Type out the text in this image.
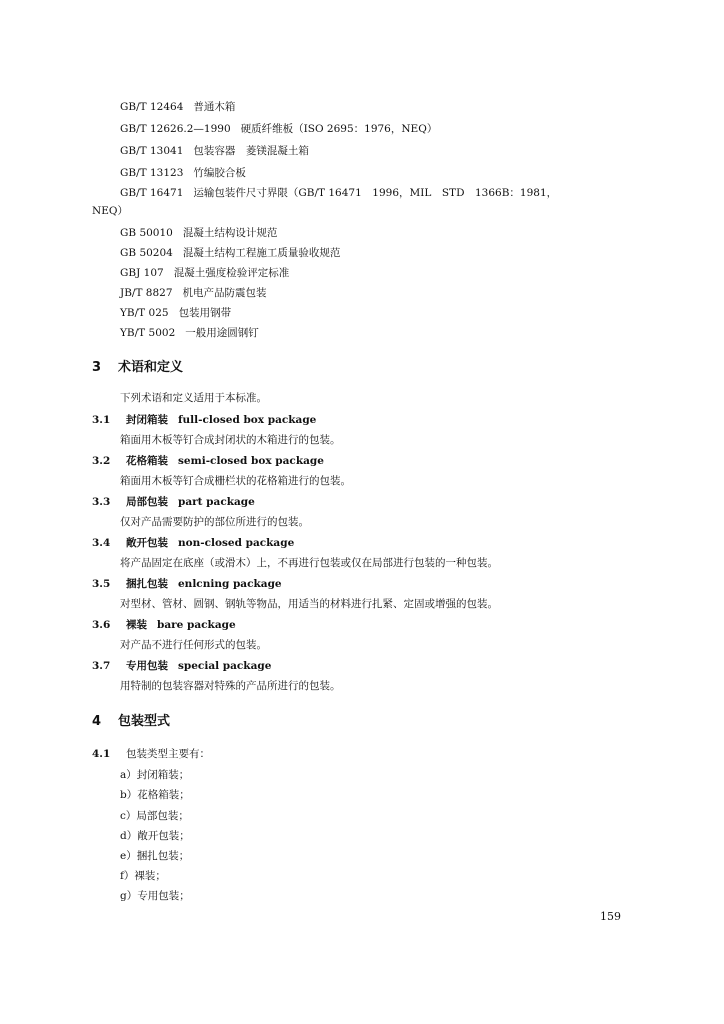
GB/T 12464 普通木箱
GB/T 12626.2—1990 硬质纤维板（ISO 2695：1976，NEQ）
GB/T 13041 包装容器　菱镁混凝土箱
GB/T 13123 竹编胶合板
GB/T 16471 运输包装件尺寸界限（GB/T 16471　1996，MIL　STD　1366B：1981，
NEQ）
GB 50010 混凝土结构设计规范
GB 50204 混凝土结构工程施工质量验收规范
GBJ 107 混凝土强度检验评定标准
JB/T 8827 机电产品防震包装
YB/T 025 包装用钢带
YB/T 5002 一般用途圆钢钉
3 术语和定义
下列术语和定义适用于本标准。
3.1 封闭箱装 full-closed box package
箱面用木板等钉合成封闭状的木箱进行的包装。
3.2 花格箱装 semi-closed box package
箱面用木板等钉合成栅栏状的花格箱进行的包装。
3.3 局部包装 part package
仅对产品需要防护的部位所进行的包装。
3.4 敞开包装 non-closed package
将产品固定在底座（或滑木）上，不再进行包装或仅在局部进行包装的一种包装。
3.5 捆扎包装 enlcning package
对型材、管材、圆钢、钢轨等物品，用适当的材料进行扎紧、定固或增强的包装。
3.6 裸装 bare package
对产品不进行任何形式的包装。
3.7 专用包装 special package
用特制的包装容器对特殊的产品所进行的包装。
4 包装型式
4.1 包装类型主要有：
a）封闭箱装；
b）花格箱装；
c）局部包装；
d）敞开包装；
e）捆扎包装；
f）裸装；
g）专用包装；
159
